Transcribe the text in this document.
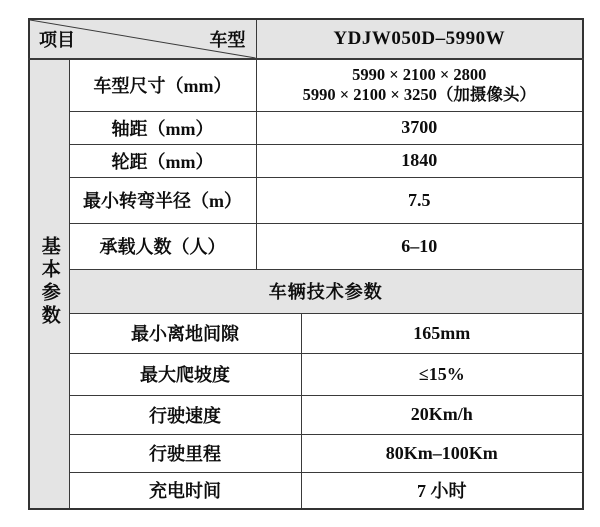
项目 车型		YDJW050D–5990W	
基本参数	车型尺寸（mm）	5990 × 2100 × 2800
5990 × 2100 × 3250（加摄像头）	

	轴距（mm）	3700	
	轮距（mm）	1840	
	最小转弯半径（m）	7.5	
	承载人数（人）	6–10	
	车辆技术参数		
	最小离地间隙		165mm
	最大爬坡度		≤15%
	行驶速度		20Km/h
	行驶里程		80Km–100Km
	充电时间		7 小时
